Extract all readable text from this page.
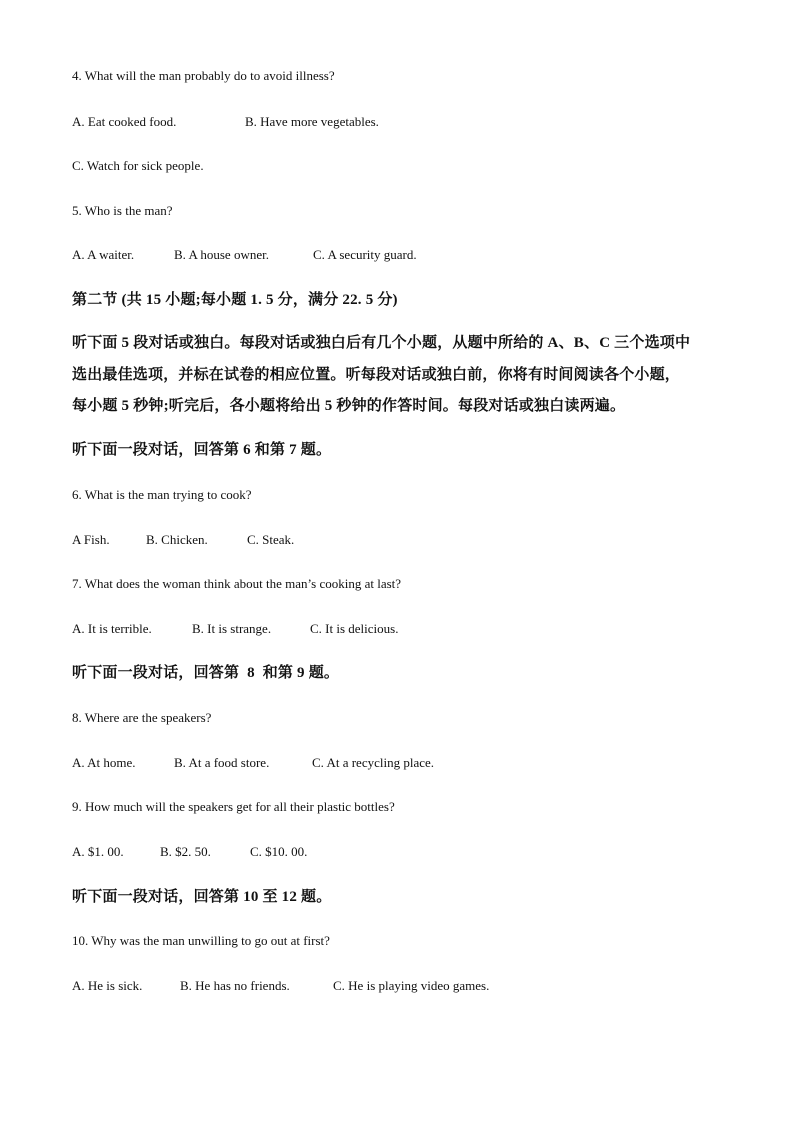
4. What will the man probably do to avoid illness?
A. Eat cooked food.	B. Have more vegetables.
C. Watch for sick people.
5. Who is the man?
A. A waiter.	B. A house owner.	C. A security guard.
第二节 (共 15 小题;每小题 1. 5 分，满分 22. 5 分)
听下面 5 段对话或独白。每段对话或独白后有几个小题，从题中所给的 A、B、C 三个选项中
选出最佳选项，并标在试卷的相应位置。听每段对话或独白前，你将有时间阅读各个小题，
每小题 5 秒钟;听完后，各小题将给出 5 秒钟的作答时间。每段对话或独白读两遍。
听下面一段对话，回答第 6 和第 7 题。
6. What is the man trying to cook?
A Fish.	B. Chicken.	C. Steak.
7. What does the woman think about the man’s cooking at last?
A. It is terrible.	B. It is strange.	C. It is delicious.
听下面一段对话，回答第  8  和第 9 题。
8. Where are the speakers?
A. At home.	B. At a food store.	C. At a recycling place.
9. How much will the speakers get for all their plastic bottles?
A. $1. 00.	B. $2. 50.	C. $10. 00.
听下面一段对话，回答第 10 至 12 题。
10. Why was the man unwilling to go out at first?
A. He is sick.	B. He has no friends.	C. He is playing video games.
